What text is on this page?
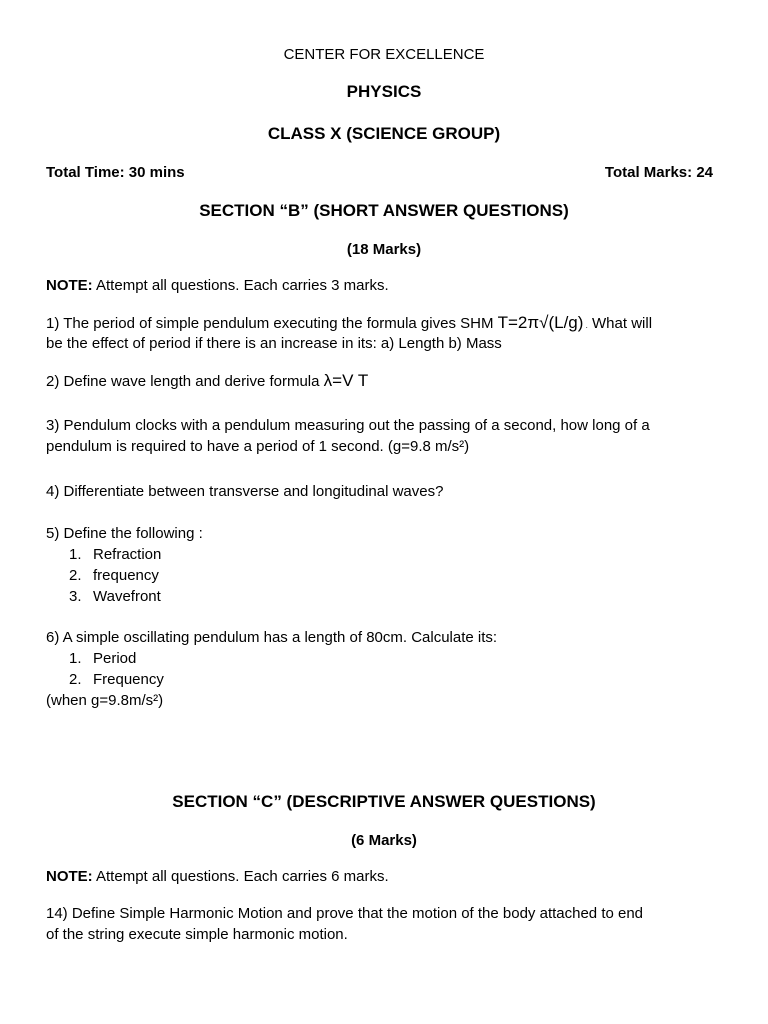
CENTER FOR EXCELLENCE
PHYSICS
CLASS X (SCIENCE GROUP)
Total Time: 30 mins	Total Marks: 24
SECTION “B” (SHORT ANSWER QUESTIONS)
(18 Marks)
NOTE: Attempt all questions. Each carries 3 marks.
1) The period of simple pendulum executing the formula gives SHM T=2π√(L/g) . What will
be the effect of period if there is an increase in its: a) Length b) Mass
2) Define wave length and derive formula λ=V T
3) Pendulum clocks with a pendulum measuring out the passing of a second, how long of a
pendulum is required to have a period of 1 second. (g=9.8 m/s²)
4) Differentiate between transverse and longitudinal waves?
5) Define the following :
1. Refraction
2. frequency
3. Wavefront
6) A simple oscillating pendulum has a length of 80cm. Calculate its:
1. Period
2. Frequency
(when g=9.8m/s²)
SECTION “C” (DESCRIPTIVE ANSWER QUESTIONS)
(6 Marks)
NOTE: Attempt all questions. Each carries 6 marks.
14) Define Simple Harmonic Motion and prove that the motion of the body attached to end
of the string execute simple harmonic motion.
